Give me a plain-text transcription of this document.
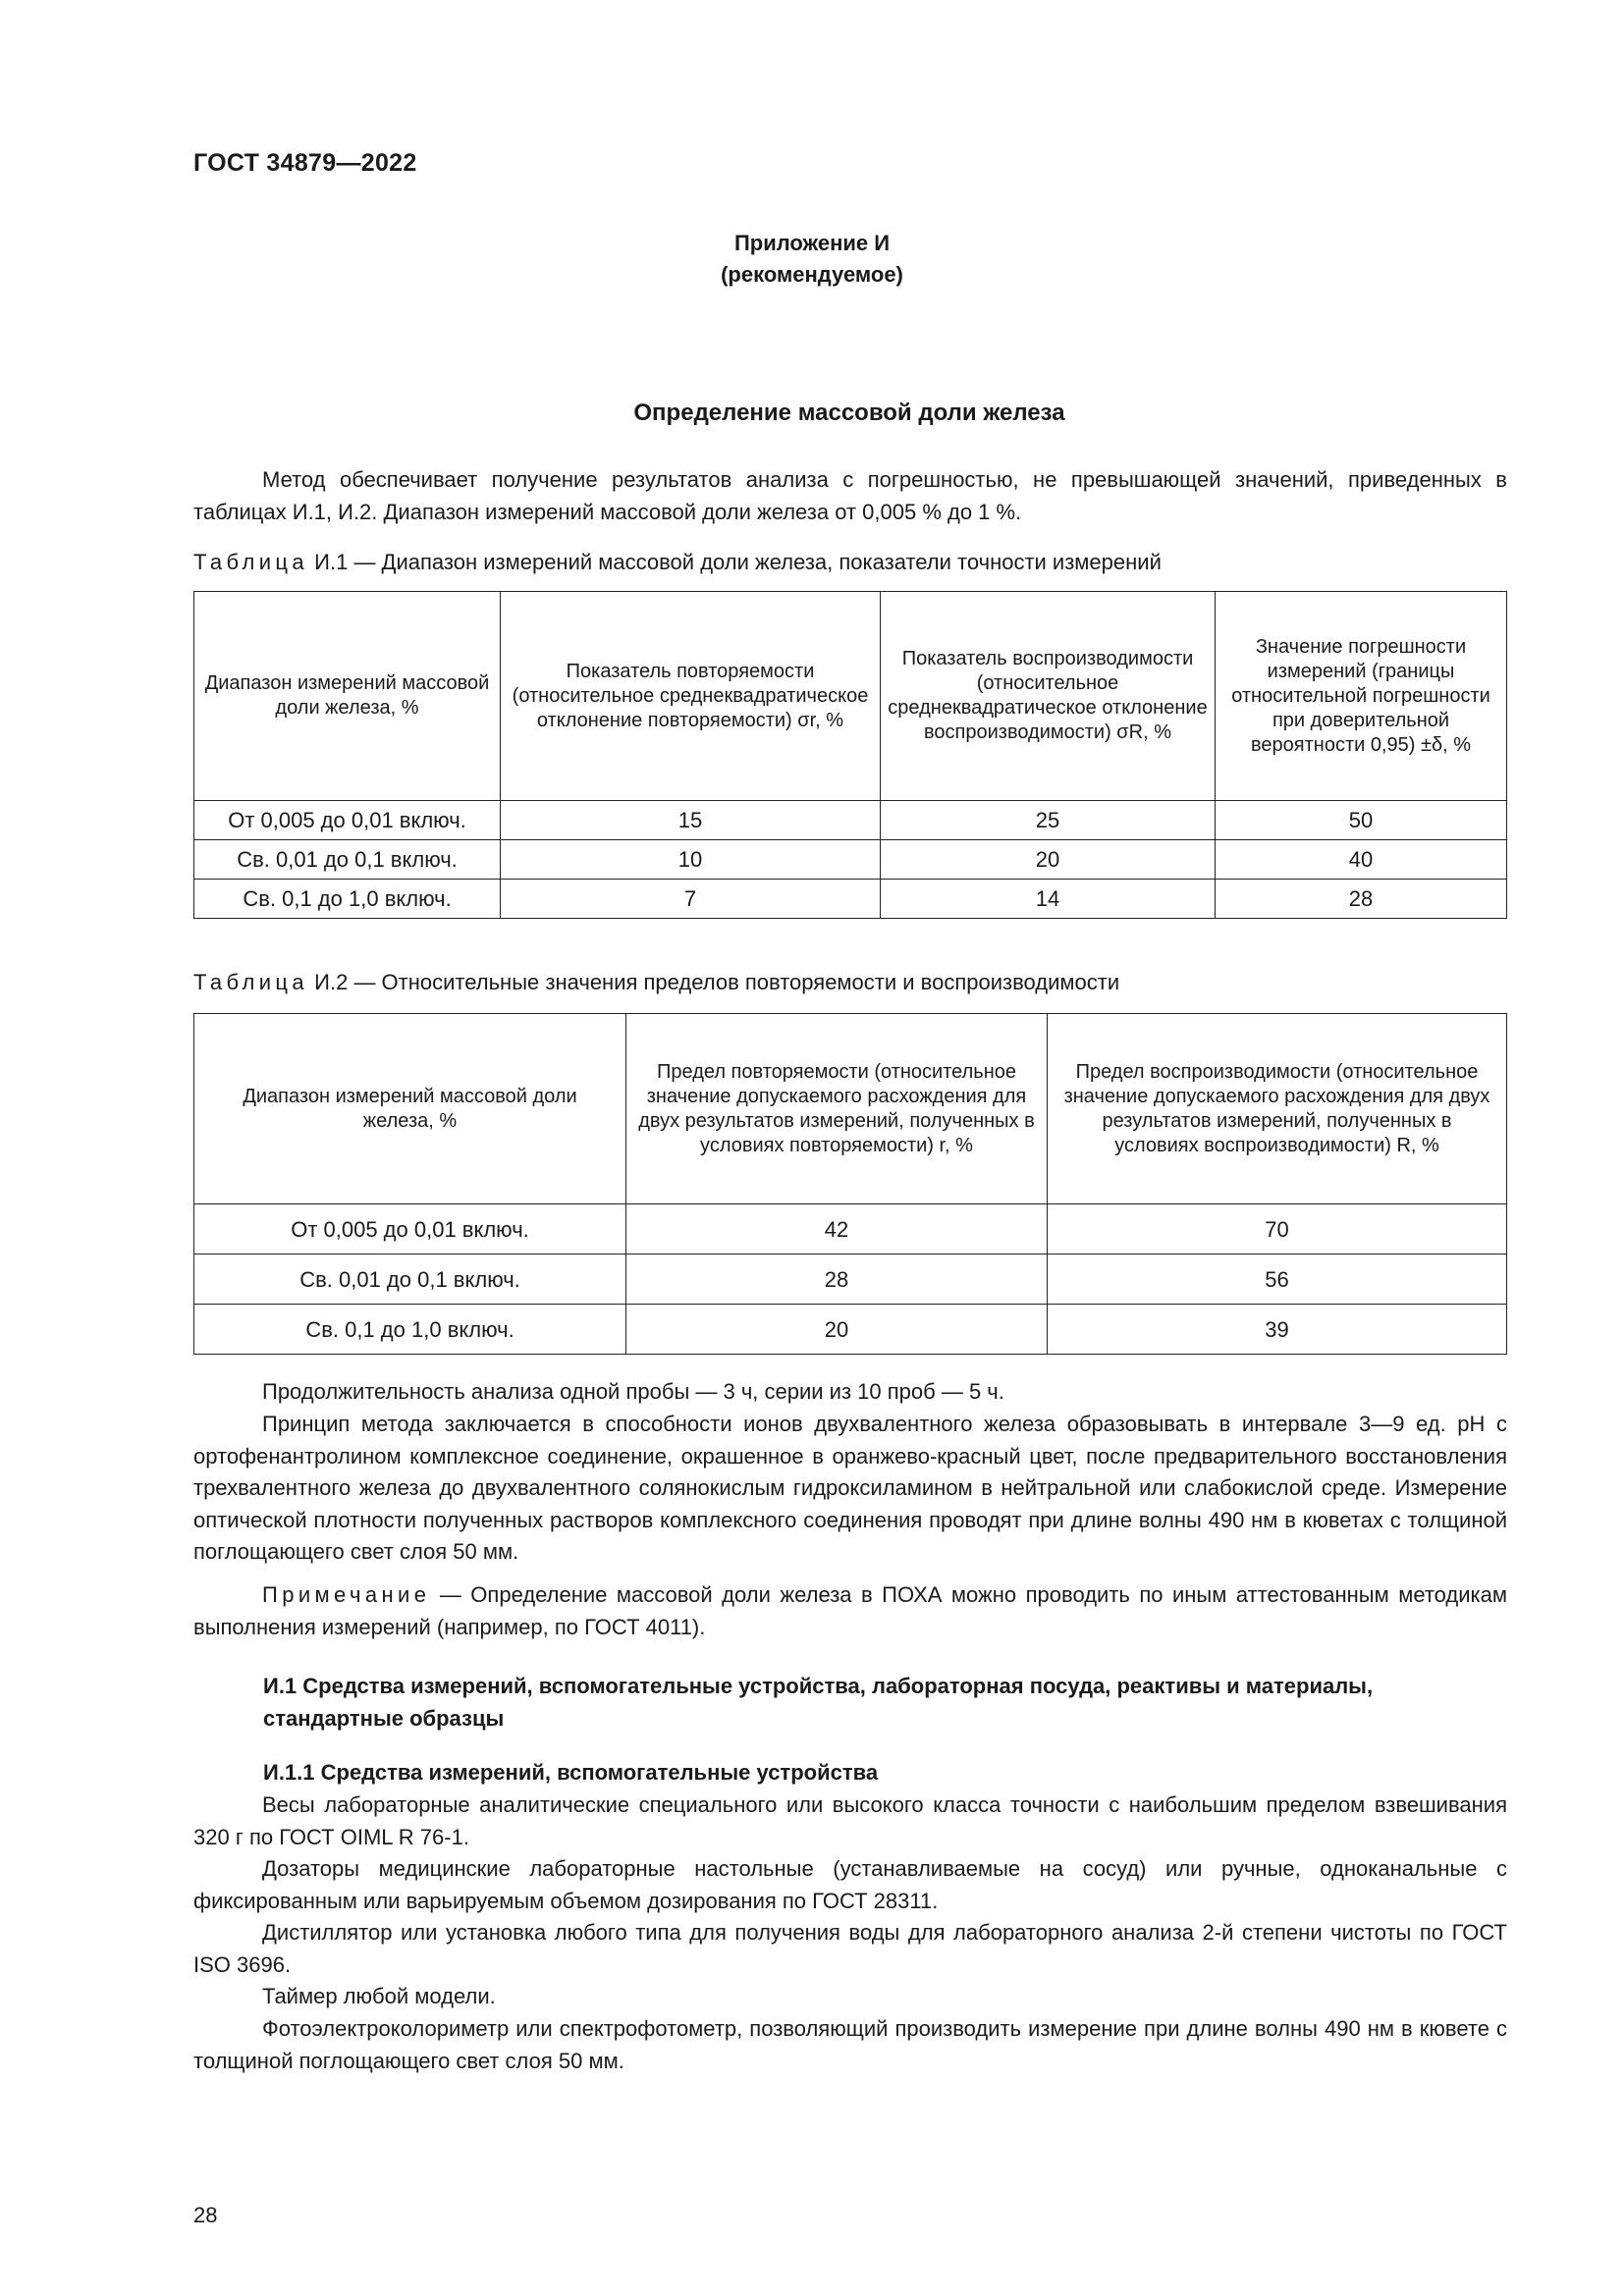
ГОСТ 34879—2022
Приложение И
(рекомендуемое)
Определение массовой доли железа
Метод обеспечивает получение результатов анализа с погрешностью, не превышающей значений, приведенных в таблицах И.1, И.2. Диапазон измерений массовой доли железа от 0,005 % до 1 %.
Таблица И.1 — Диапазон измерений массовой доли железа, показатели точности измерений
Диапазон измерений массовой доли железа, %	Показатель повторяемости (относительное среднеквадратическое отклонение повторяемости) σr, %	Показатель воспроизводимости (относительное среднеквадратическое отклонение воспроизводимости) σR, %	Значение погрешности измерений (границы относительной погрешности при доверительной вероятности 0,95) ±δ, %
От 0,005 до 0,01 включ.	15	25	50
Св. 0,01 до 0,1 включ.	10	20	40
Св. 0,1 до 1,0 включ.	7	14	28
Таблица И.2 — Относительные значения пределов повторяемости и воспроизводимости
Диапазон измерений массовой доли железа, %	Предел повторяемости (относительное значение допускаемого расхождения для двух результатов измерений, полученных в условиях повторяемости) r, %	Предел воспроизводимости (относительное значение допускаемого расхождения для двух результатов измерений, полученных в условиях воспроизводимости) R, %
От 0,005 до 0,01 включ.	42	70
Св. 0,01 до 0,1 включ.	28	56
Св. 0,1 до 1,0 включ.	20	39
Продолжительность анализа одной пробы — 3 ч, серии из 10 проб — 5 ч.
Принцип метода заключается в способности ионов двухвалентного железа образовывать в интервале 3—9 ед. рН с ортофенантролином комплексное соединение, окрашенное в оранжево-красный цвет, после предварительного восстановления трехвалентного железа до двухвалентного солянокислым гидроксиламином в нейтральной или слабокислой среде. Измерение оптической плотности полученных растворов комплексного соединения проводят при длине волны 490 нм в кюветах с толщиной поглощающего свет слоя 50 мм.
Примечание — Определение массовой доли железа в ПОХА можно проводить по иным аттестованным методикам выполнения измерений (например, по ГОСТ 4011).
И.1 Средства измерений, вспомогательные устройства, лабораторная посуда, реактивы и материалы, стандартные образцы
И.1.1 Средства измерений, вспомогательные устройства
Весы лабораторные аналитические специального или высокого класса точности с наибольшим пределом взвешивания 320 г по ГОСТ OIML R 76-1.
Дозаторы медицинские лабораторные настольные (устанавливаемые на сосуд) или ручные, одноканальные с фиксированным или варьируемым объемом дозирования по ГОСТ 28311.
Дистиллятор или установка любого типа для получения воды для лабораторного анализа 2-й степени чистоты по ГОСТ ISO 3696.
Таймер любой модели.
Фотоэлектроколориметр или спектрофотометр, позволяющий производить измерение при длине волны 490 нм в кювете с толщиной поглощающего свет слоя 50 мм.
28
